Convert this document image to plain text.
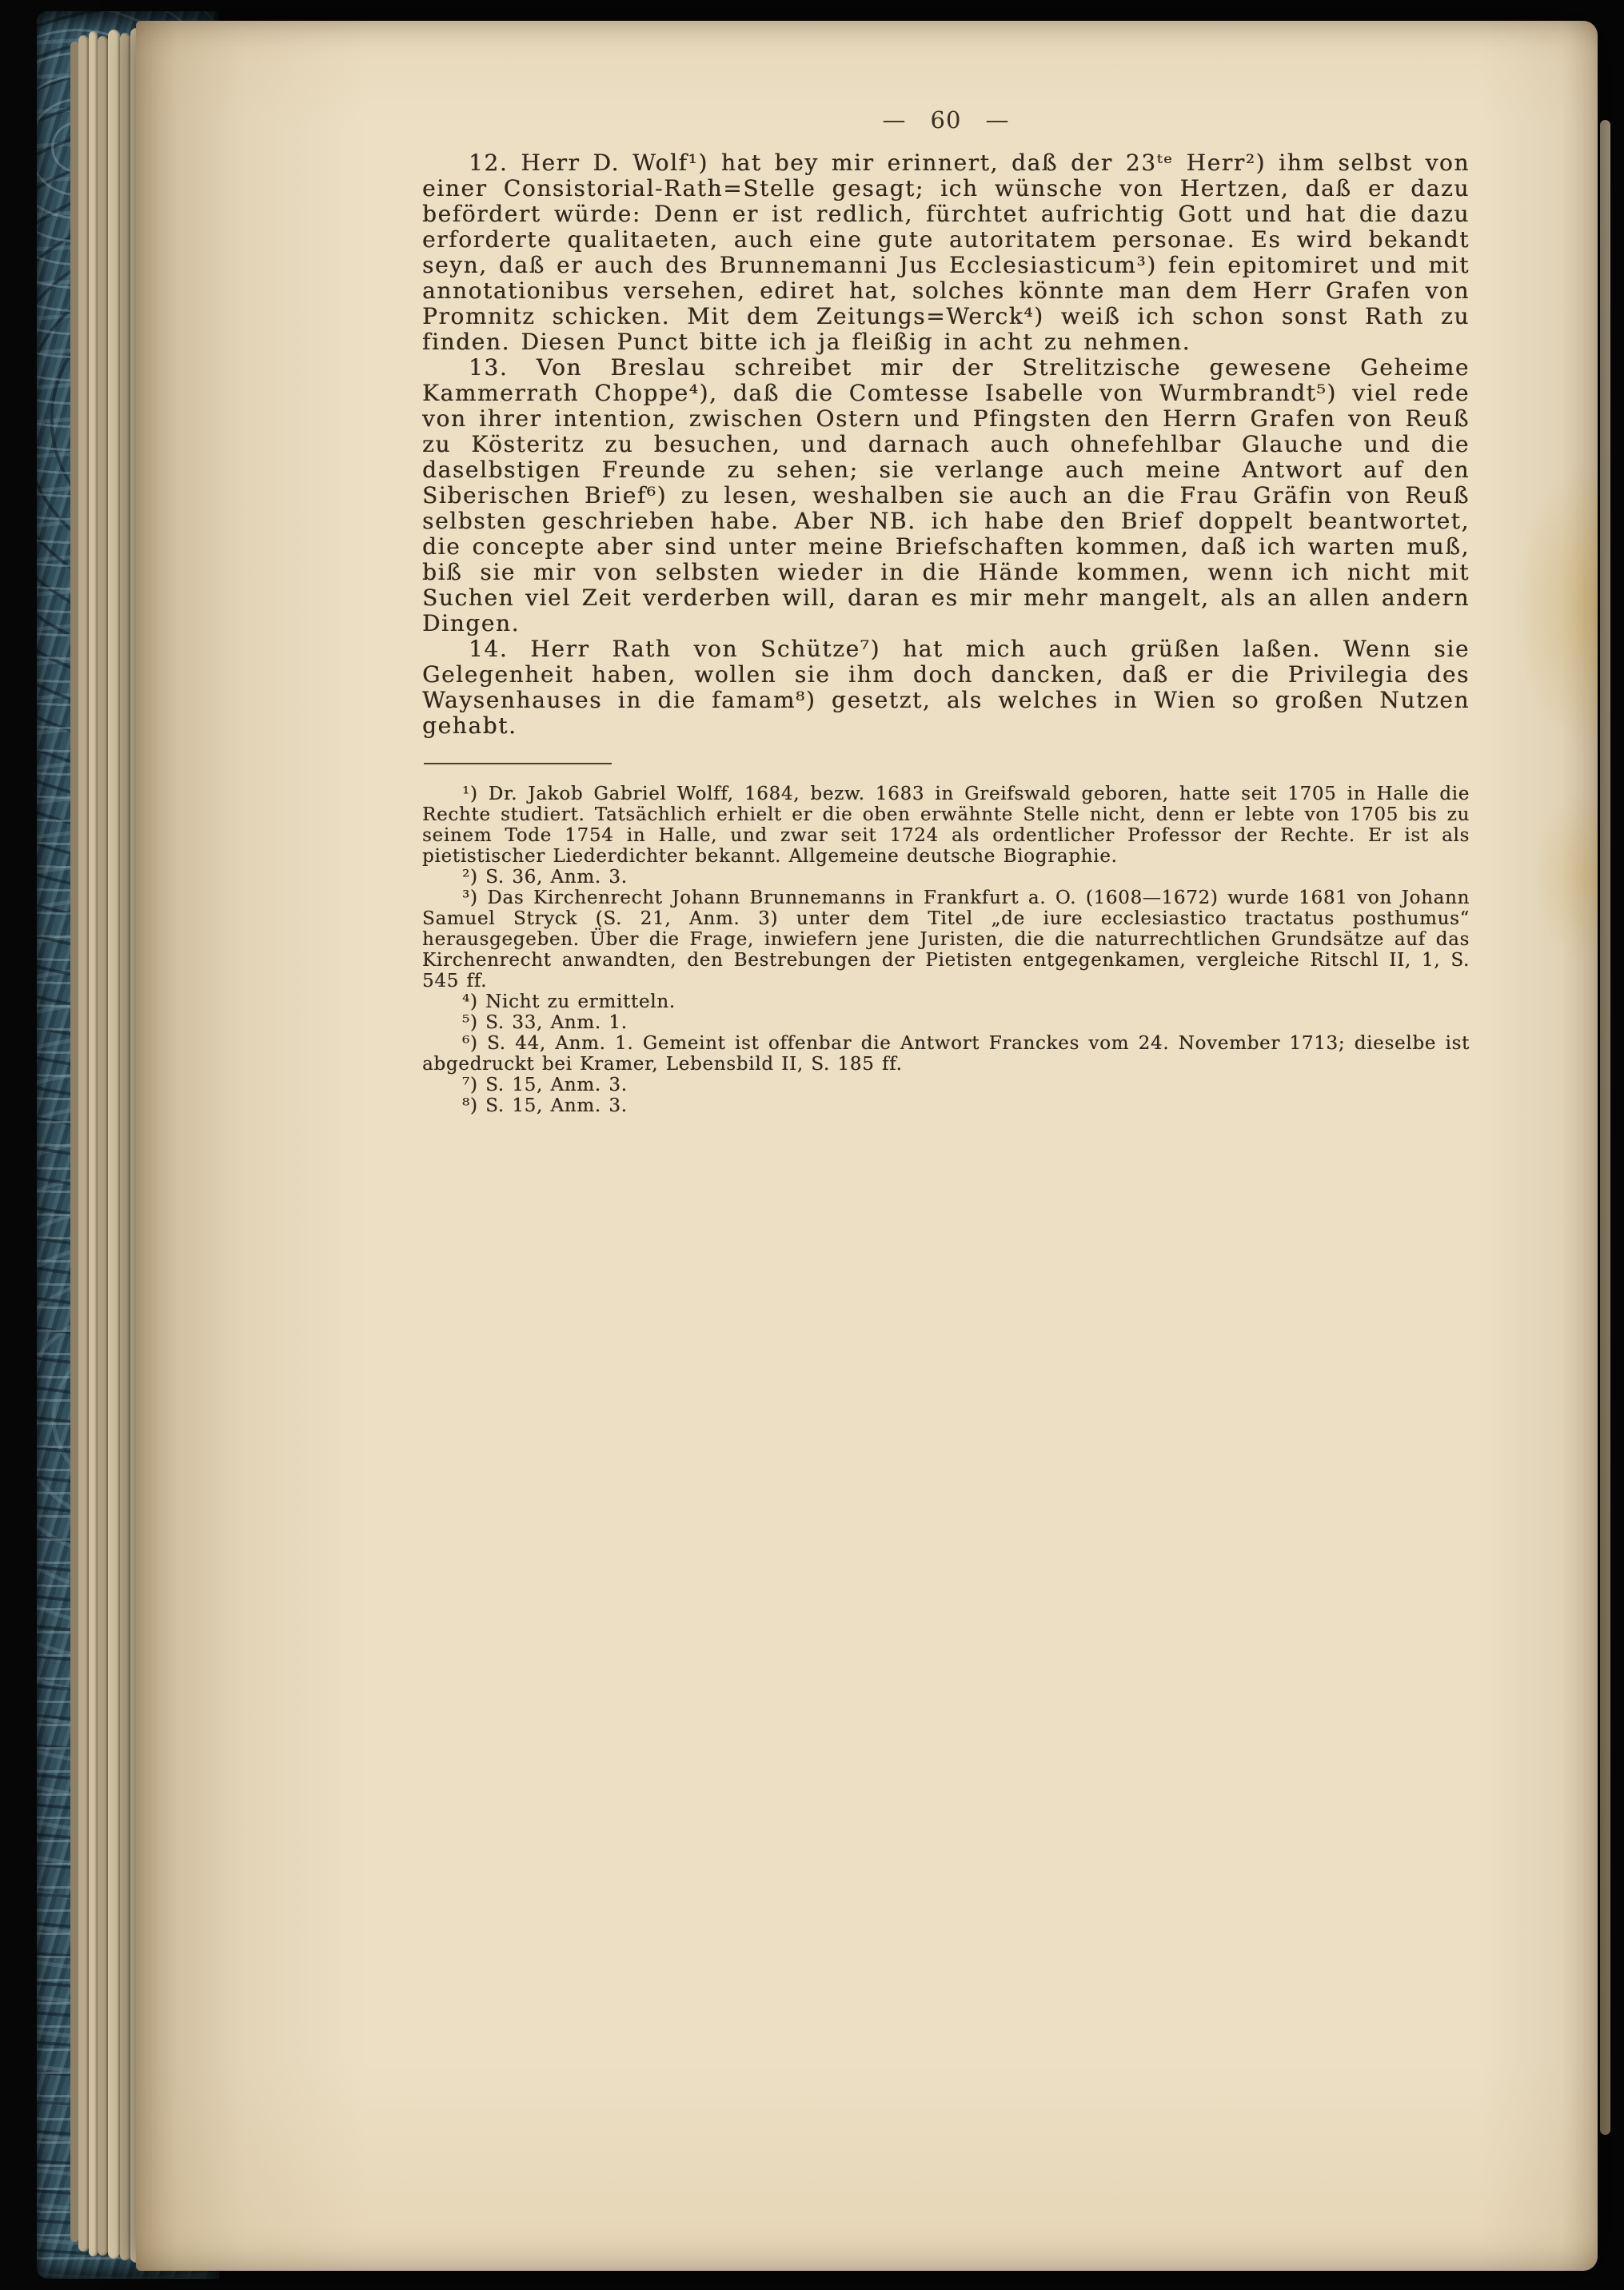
— 60 —

12. Herr D. Wolf¹) hat bey mir erinnert, daß der 23ᵗᵉ Herr²) ihm selbst von einer Consistorial-Rath=Stelle gesagt; ich wünsche von Hertzen, daß er dazu befördert würde: Denn er ist redlich, fürchtet aufrichtig Gott und hat die dazu erforderte qualitaeten, auch eine gute autoritatem personae. Es wird bekandt seyn, daß er auch des Brunnemanni Jus Ecclesiasticum³) fein epitomiret und mit annotationibus versehen, ediret hat, solches könnte man dem Herr Grafen von Promnitz schicken. Mit dem Zeitungs=Werck⁴) weiß ich schon sonst Rath zu finden. Diesen Punct bitte ich ja fleißig in acht zu nehmen.

13. Von Breslau schreibet mir der Strelitzische gewesene Geheime Kammerrath Choppe⁴), daß die Comtesse Isabelle von Wurmbrandt⁵) viel rede von ihrer intention, zwischen Ostern und Pfingsten den Herrn Grafen von Reuß zu Kösteritz zu besuchen, und darnach auch ohnefehlbar Glauche und die daselbstigen Freunde zu sehen; sie verlange auch meine Antwort auf den Siberischen Brief⁶) zu lesen, weshalben sie auch an die Frau Gräfin von Reuß selbsten geschrieben habe. Aber NB. ich habe den Brief doppelt beantwortet, die concepte aber sind unter meine Briefschaften kommen, daß ich warten muß, biß sie mir von selbsten wieder in die Hände kommen, wenn ich nicht mit Suchen viel Zeit verderben will, daran es mir mehr mangelt, als an allen andern Dingen.

14. Herr Rath von Schütze⁷) hat mich auch grüßen laßen. Wenn sie Gelegenheit haben, wollen sie ihm doch dancken, daß er die Privilegia des Waysenhauses in die famam⁸) gesetzt, als welches in Wien so großen Nutzen gehabt.

¹) Dr. Jakob Gabriel Wolff, 1684, bezw. 1683 in Greifswald geboren, hatte seit 1705 in Halle die Rechte studiert. Tatsächlich erhielt er die oben erwähnte Stelle nicht, denn er lebte von 1705 bis zu seinem Tode 1754 in Halle, und zwar seit 1724 als ordentlicher Professor der Rechte. Er ist als pietistischer Liederdichter bekannt. Allgemeine deutsche Biographie.

²) S. 36, Anm. 3.

³) Das Kirchenrecht Johann Brunnemanns in Frankfurt a. O. (1608—1672) wurde 1681 von Johann Samuel Stryck (S. 21, Anm. 3) unter dem Titel „de iure ecclesiastico tractatus posthumus“ herausgegeben. Über die Frage, inwiefern jene Juristen, die die naturrechtlichen Grundsätze auf das Kirchenrecht anwandten, den Bestrebungen der Pietisten entgegenkamen, vergleiche Ritschl II, 1, S. 545 ff.

⁴) Nicht zu ermitteln.

⁵) S. 33, Anm. 1.

⁶) S. 44, Anm. 1. Gemeint ist offenbar die Antwort Franckes vom 24. November 1713; dieselbe ist abgedruckt bei Kramer, Lebensbild II, S. 185 ff.

⁷) S. 15, Anm. 3.

⁸) S. 15, Anm. 3.
